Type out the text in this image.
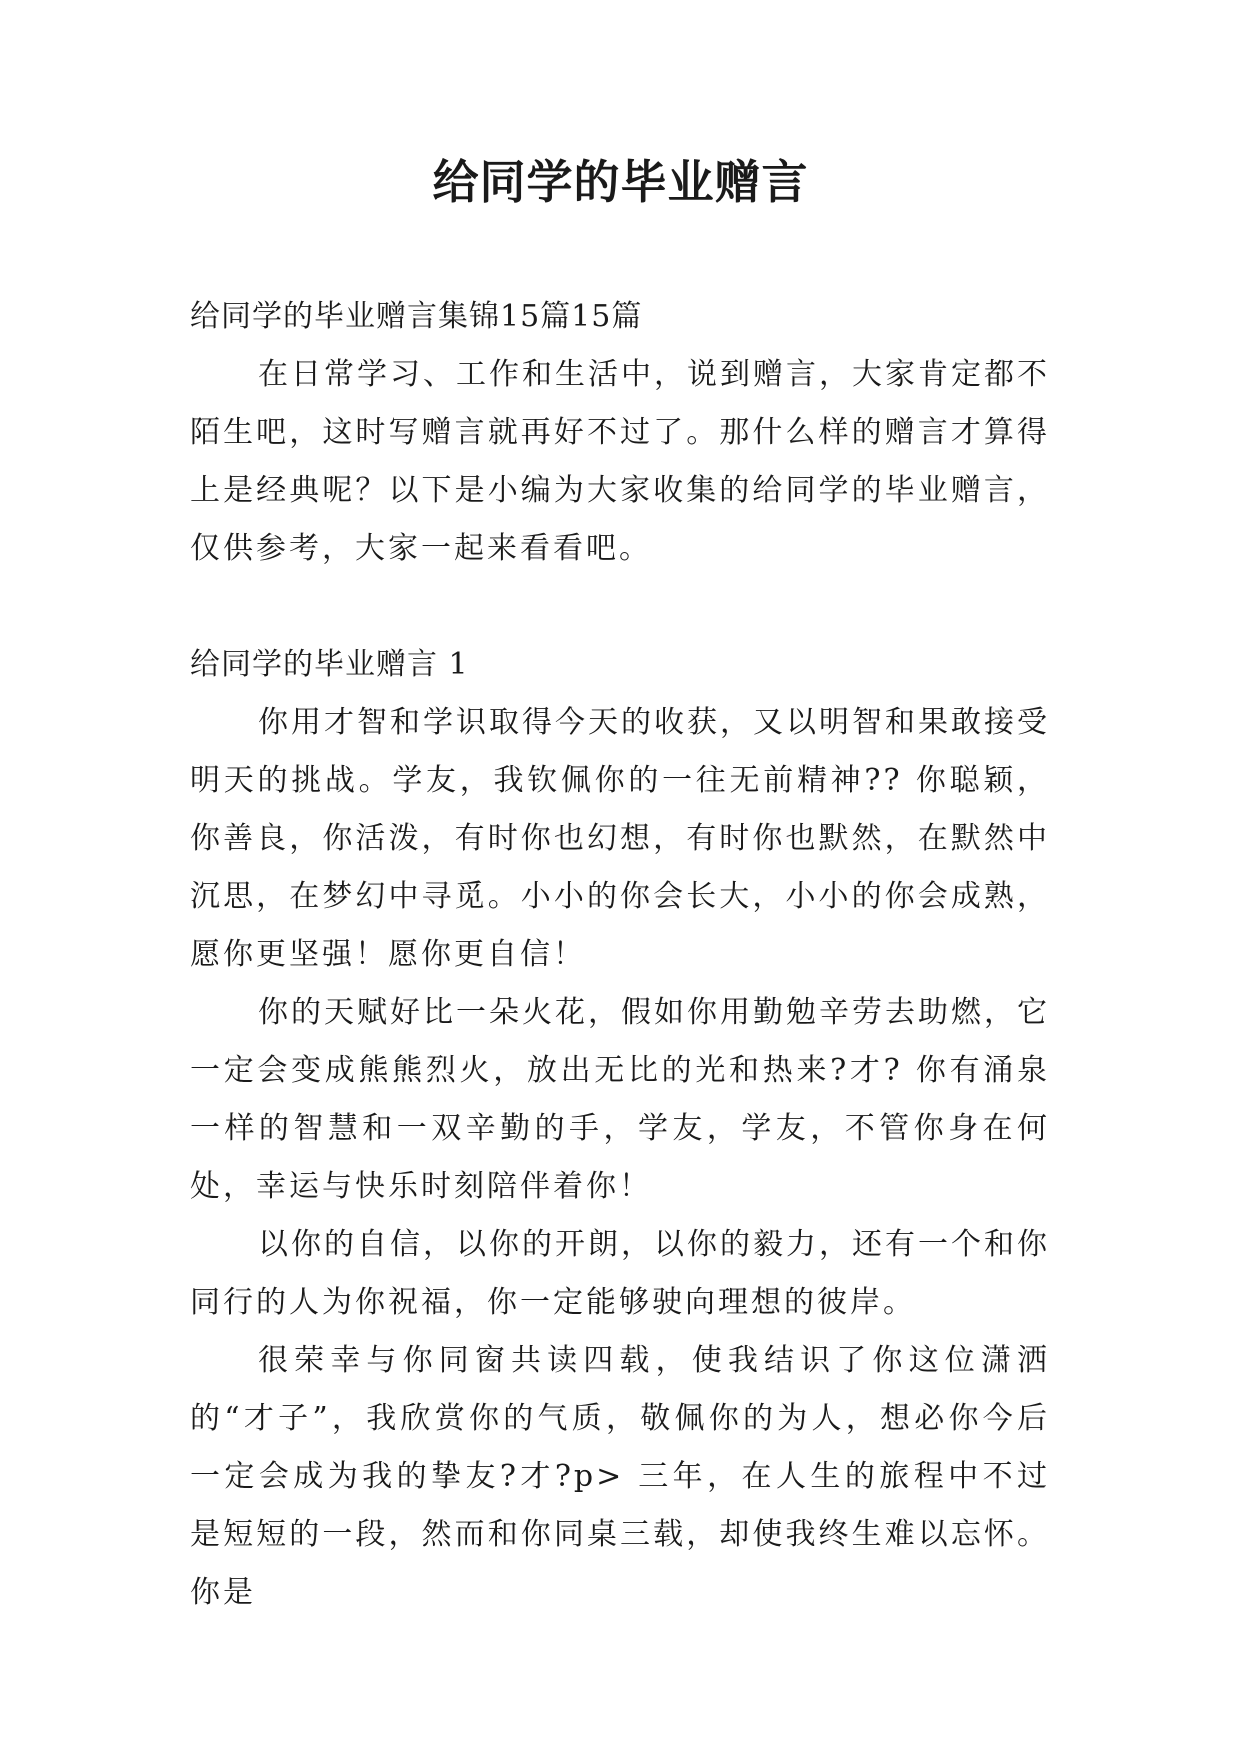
给同学的毕业赠言

给同学的毕业赠言集锦15篇15篇

在日常学习、工作和生活中，说到赠言，大家肯定都不陌生吧，这时写赠言就再好不过了。那什么样的赠言才算得上是经典呢？以下是小编为大家收集的给同学的毕业赠言，仅供参考，大家一起来看看吧。

给同学的毕业赠言 1

你用才智和学识取得今天的收获，又以明智和果敢接受明天的挑战。学友，我钦佩你的一往无前精神?? 你聪颖，你善良，你活泼，有时你也幻想，有时你也默然，在默然中沉思，在梦幻中寻觅。小小的你会长大，小小的你会成熟，愿你更坚强！愿你更自信！

你的天赋好比一朵火花，假如你用勤勉辛劳去助燃，它一定会变成熊熊烈火，放出无比的光和热来?才? 你有涌泉一样的智慧和一双辛勤的手，学友，学友，不管你身在何处，幸运与快乐时刻陪伴着你！

以你的自信，以你的开朗，以你的毅力，还有一个和你同行的人为你祝福，你一定能够驶向理想的彼岸。

很荣幸与你同窗共读四载，使我结识了你这位潇洒的“才子”，我欣赏你的气质，敬佩你的为人，想必你今后一定会成为我的挚友?才?p> 三年，在人生的旅程中不过是短短的一段，然而和你同桌三载，却使我终生难以忘怀。你是
